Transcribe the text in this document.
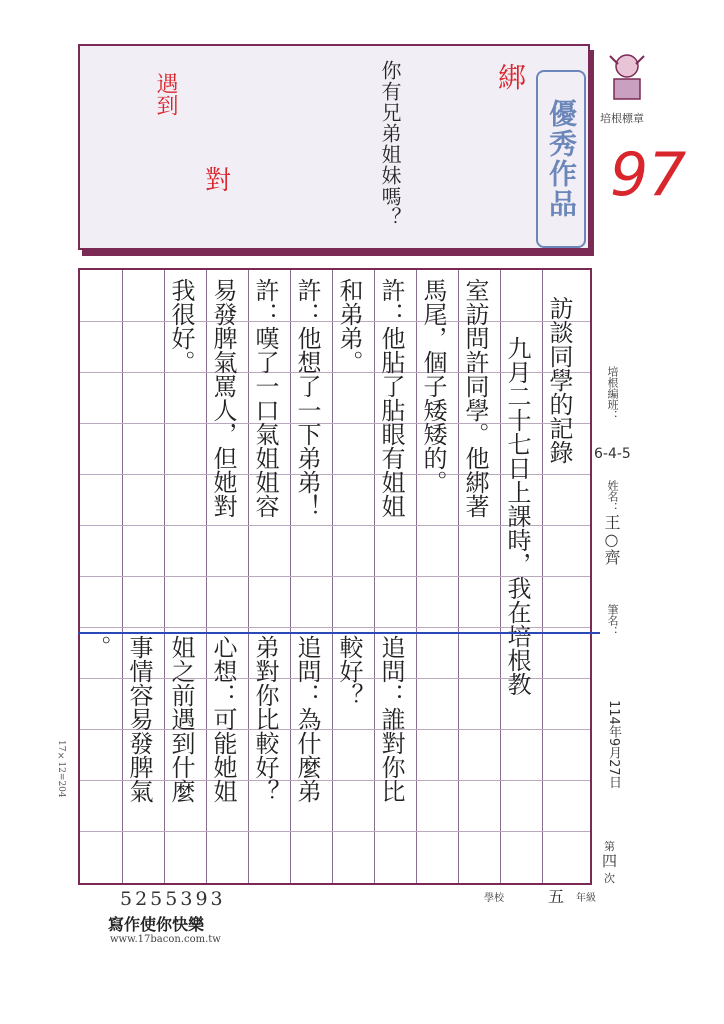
你有兄弟姐妹嗎？
遇到
對
綁
優秀作品	培根標章
97
訪談同學的記錄
九月二十七日上課時，我在培根教
室訪問許同學。他綁著
馬尾，個子矮矮的。
許：他胋了胋眼有姐姐
和弟弟。
許：他想了一下弟弟！
許：嘆了一口氣姐姐容
易發脾氣罵人，但她對
我很好。
追問：誰對你比
較好？
追問：為什麼弟
弟對你比較好？
心想：可能她姐
姐之前遇到什麼
事情容易發脾氣
。
培根編班：
6-4-5
姓名：
王○齊
筆名：
114年9月27日
第
四
次
17×12=204
5255393
寫作使你快樂
www.17bacon.com.tw
學校	五 年級
